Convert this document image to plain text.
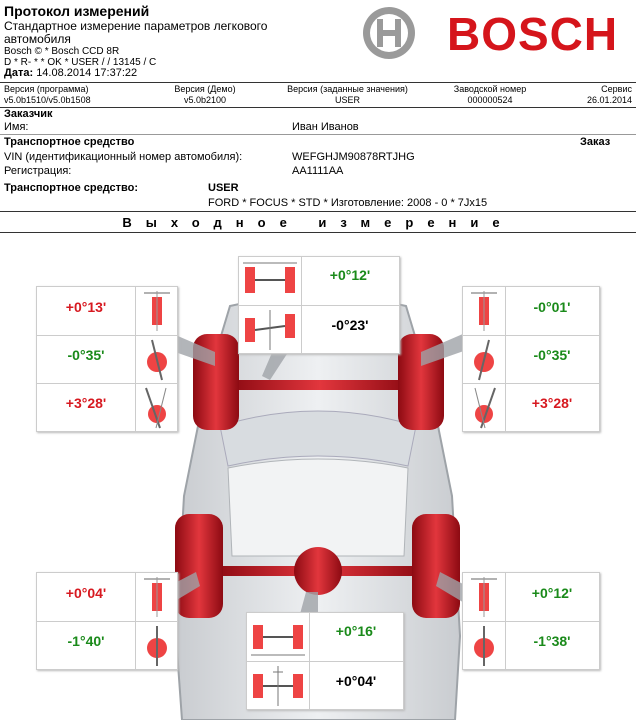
Протокол измерений
Стандартное измерение параметров легкового автомобиля
Bosch © * Bosch CCD 8R
D * R- * * OK * USER / / 13145 / C
Дата: 14.08.2014 17:37:22
BOSCH
Версия (программа)
v5.0b1510/v5.0b1508
Версия (Демо)
v5.0b2100
Версия (заданные значения)
USER
Заводской номер
000000524
Сервис
26.01.2014
Заказчик
Имя:	Иван Иванов
Транспортное средство	Заказ
VIN (идентификационный номер автомобиля):	WEFGHJM90878RTJHG
Регистрация:	AA1111AA
Транспортное средство:	USER
FORD * FOCUS * STD * Изготовление: 2008 - 0 * 7Jx15
Выходное измерение
+0°12'
-0°23'
+0°13'
-0°35'
+3°28'
-0°01'
-0°35'
+3°28'
+0°04'
-1°40'
+0°12'
-1°38'
+0°16'
+0°04'
